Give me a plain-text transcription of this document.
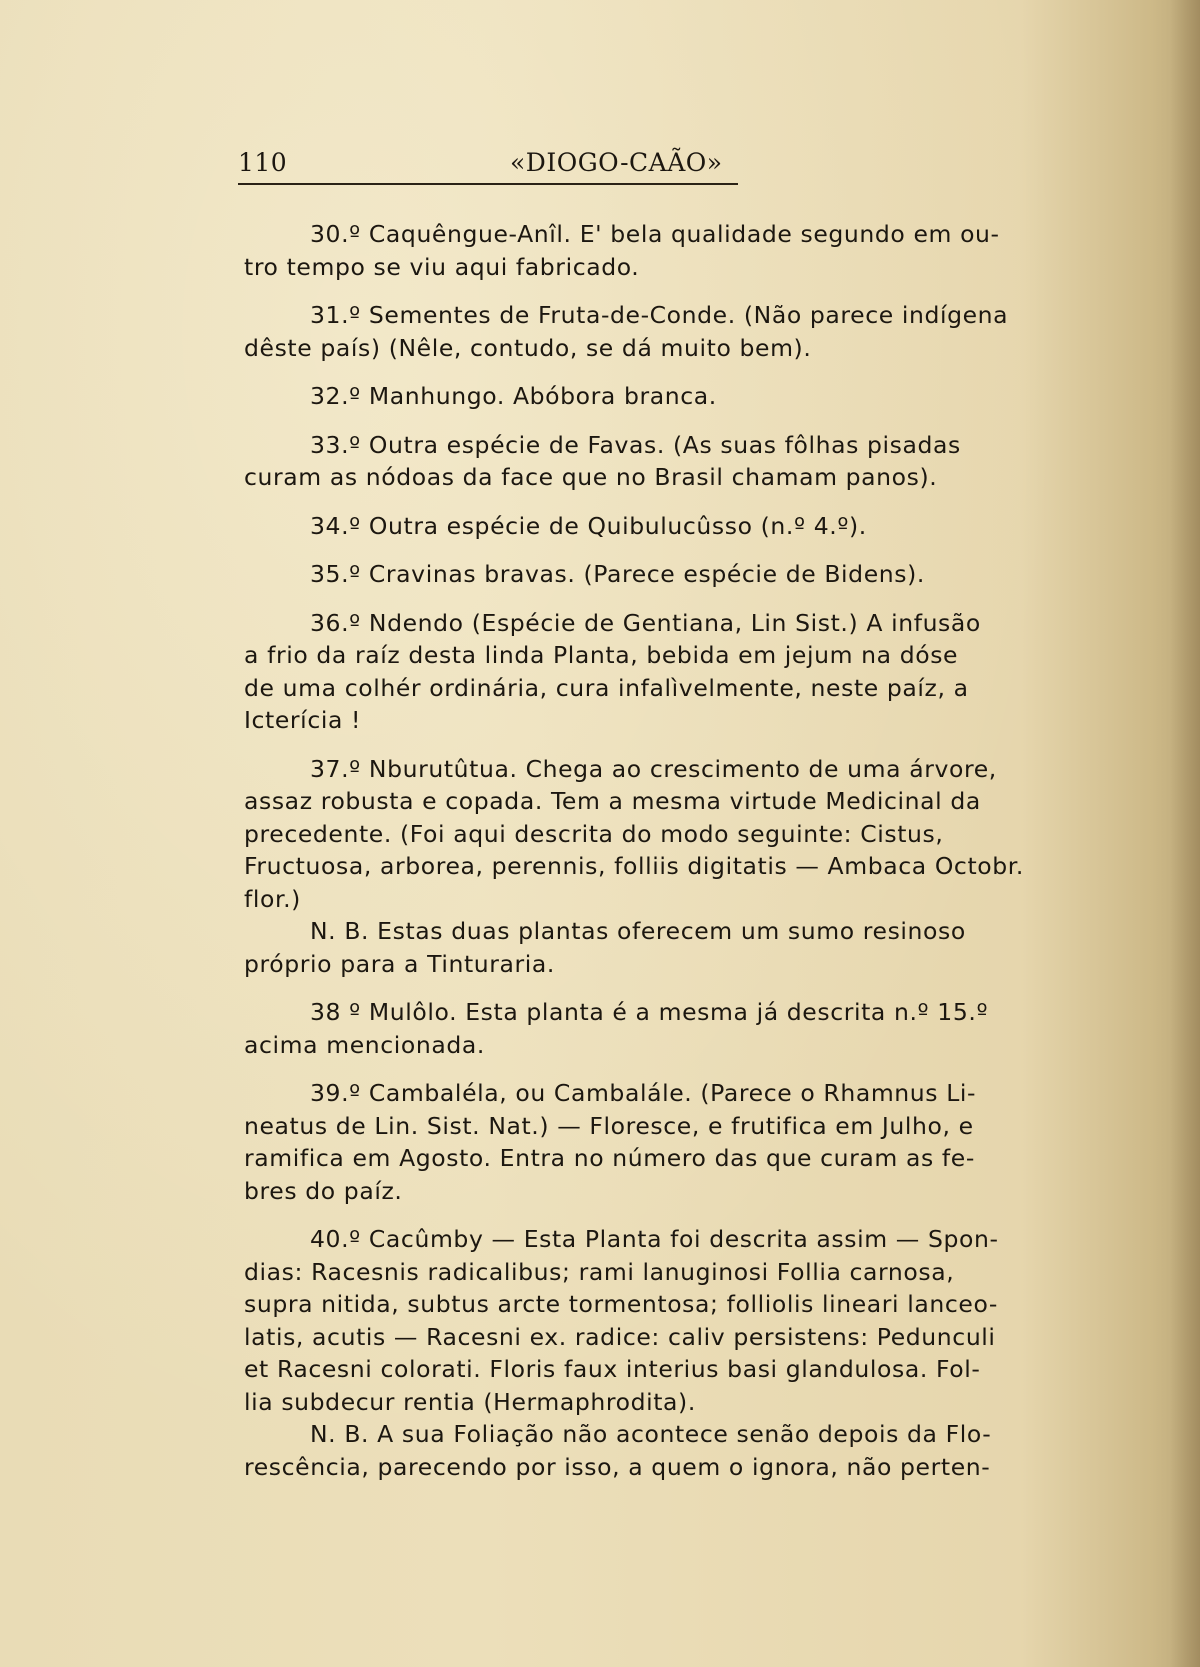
110	«DIOGO-CAÃO»
30.º Caquêngue-Anîl. E' bela qualidade segundo em ou-
tro tempo se viu aqui fabricado.
31.º Sementes de Fruta-de-Conde. (Não parece indígena
dêste país) (Nêle, contudo, se dá muito bem).
32.º Manhungo. Abóbora branca.
33.º Outra espécie de Favas. (As suas fôlhas pisadas
curam as nódoas da face que no Brasil chamam panos).
34.º Outra espécie de Quibulucûsso (n.º 4.º).
35.º Cravinas bravas. (Parece espécie de Bidens).
36.º Ndendo (Espécie de Gentiana, Lin Sist.) A infusão
a frio da raíz desta linda Planta, bebida em jejum na dóse
de uma colhér ordinária, cura infalìvelmente, neste paíz, a
Icterícia !
37.º Nburutûtua. Chega ao crescimento de uma árvore,
assaz robusta e copada. Tem a mesma virtude Medicinal da
precedente. (Foi aqui descrita do modo seguinte: Cistus,
Fructuosa, arborea, perennis, folliis digitatis — Ambaca Octobr.
flor.)
N. B. Estas duas plantas oferecem um sumo resinoso
próprio para a Tinturaria.
38 º Mulôlo. Esta planta é a mesma já descrita n.º 15.º
acima mencionada.
39.º Cambaléla, ou Cambalále. (Parece o Rhamnus Li-
neatus de Lin. Sist. Nat.) — Floresce, e frutifica em Julho, e
ramifica em Agosto. Entra no número das que curam as fe-
bres do paíz.
40.º Cacûmby — Esta Planta foi descrita assim — Spon-
dias: Racesnis radicalibus; rami lanuginosi Follia carnosa,
supra nitida, subtus arcte tormentosa; folliolis lineari lanceo-
latis, acutis — Racesni ex. radice: caliv persistens: Pedunculi
et Racesni colorati. Floris faux interius basi glandulosa. Fol-
lia subdecur rentia (Hermaphrodita).
N. B. A sua Foliação não acontece senão depois da Flo-
rescência, parecendo por isso, a quem o ignora, não perten-
